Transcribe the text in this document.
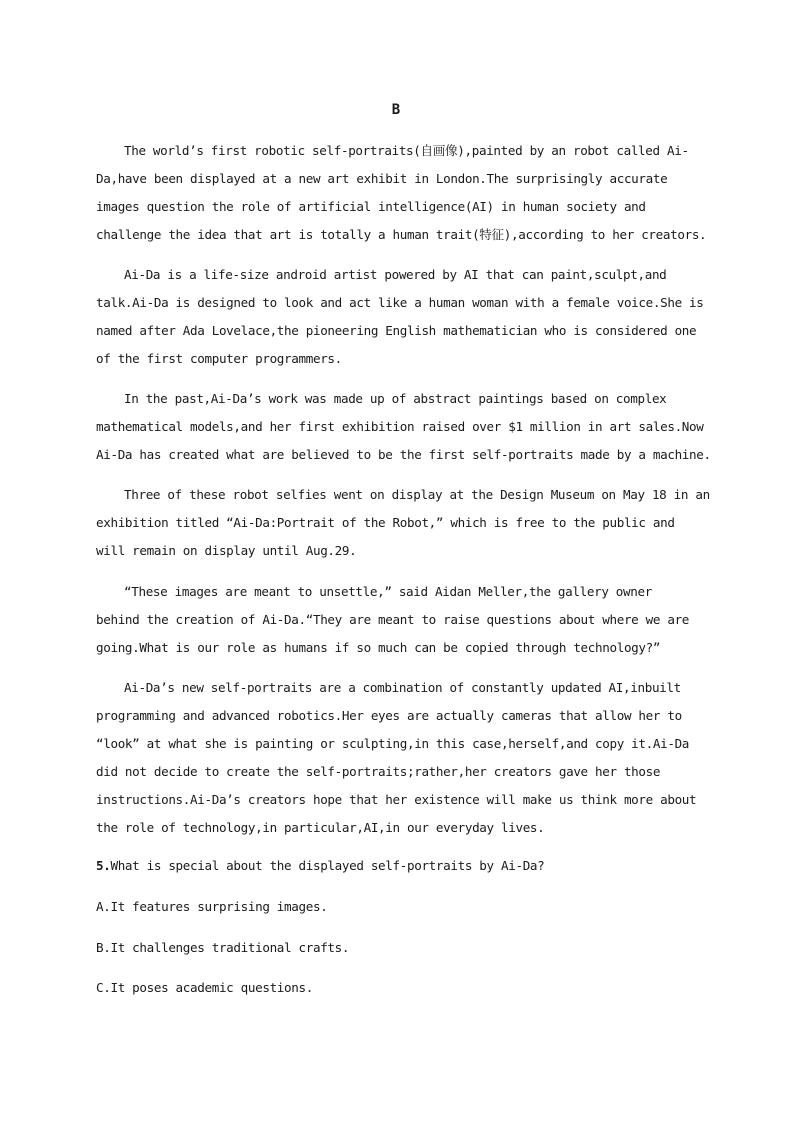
B

The world’s first robotic self-portraits(自画像),painted by an robot called Ai-
Da,have been displayed at a new art exhibit in London.The surprisingly accurate
images question the role of artificial intelligence(AI) in human society and
challenge the idea that art is totally a human trait(特征),according to her creators.

Ai-Da is a life-size android artist powered by AI that can paint,sculpt,and
talk.Ai-Da is designed to look and act like a human woman with a female voice.She is
named after Ada Lovelace,the pioneering English mathematician who is considered one
of the first computer programmers.

In the past,Ai-Da’s work was made up of abstract paintings based on complex
mathematical models,and her first exhibition raised over $1 million in art sales.Now
Ai-Da has created what are believed to be the first self-portraits made by a machine.

Three of these robot selfies went on display at the Design Museum on May 18 in an
exhibition titled “Ai-Da:Portrait of the Robot,” which is free to the public and
will remain on display until Aug.29.

“These images are meant to unsettle,” said Aidan Meller,the gallery owner
behind the creation of Ai-Da.“They are meant to raise questions about where we are
going.What is our role as humans if so much can be copied through technology?”

Ai-Da’s new self-portraits are a combination of constantly updated AI,inbuilt
programming and advanced robotics.Her eyes are actually cameras that allow her to
“look” at what she is painting or sculpting,in this case,herself,and copy it.Ai-Da
did not decide to create the self-portraits;rather,her creators gave her those
instructions.Ai-Da’s creators hope that her existence will make us think more about
the role of technology,in particular,AI,in our everyday lives.

5.What is special about the displayed self-portraits by Ai-Da?
A.It features surprising images.
B.It challenges traditional crafts.
C.It poses academic questions.
